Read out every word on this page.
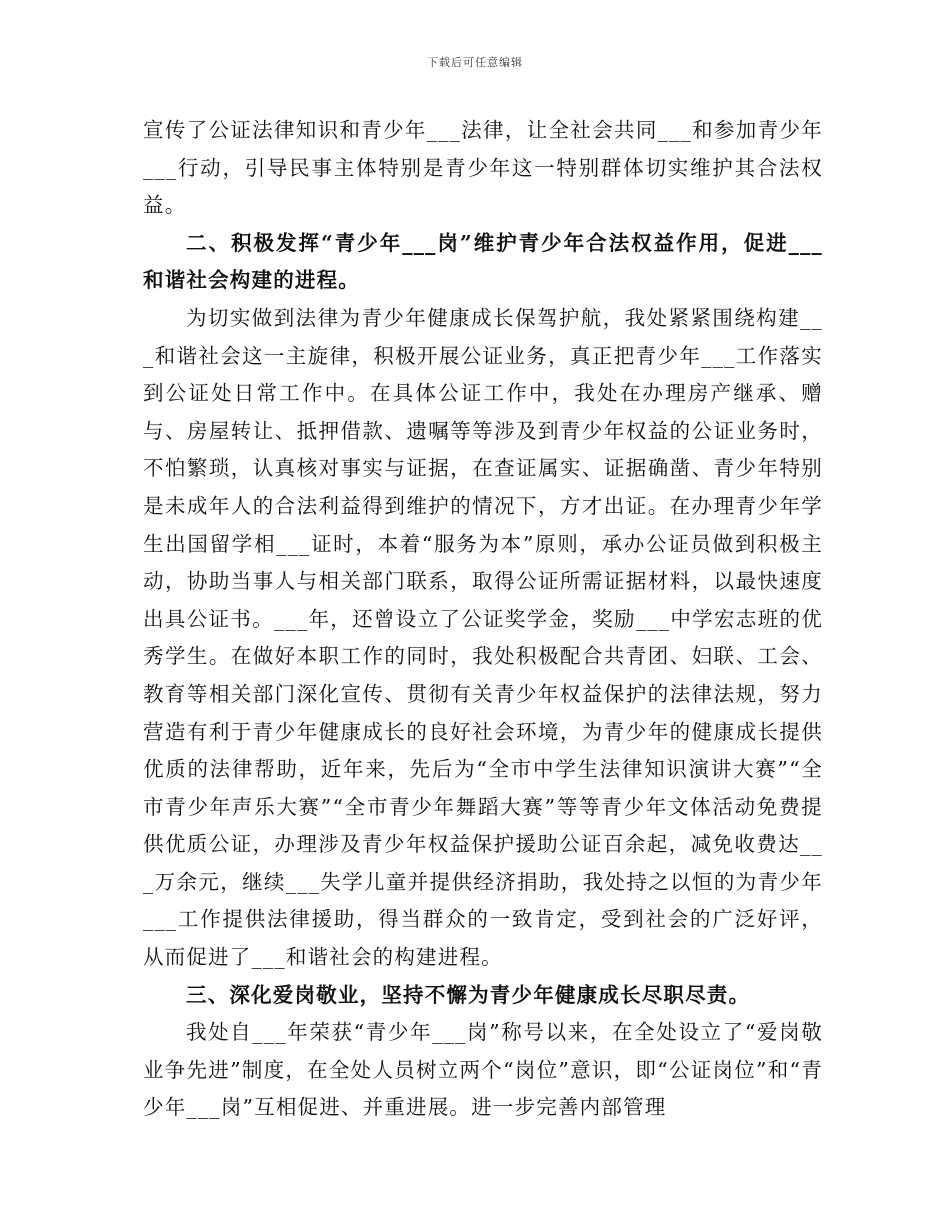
下载后可任意编辑

宣传了公证法律知识和青少年___法律，让全社会共同___和参加青少年___行动，引导民事主体特别是青少年这一特别群体切实维护其合法权益。

二、积极发挥“青少年___岗”维护青少年合法权益作用，促进___和谐社会构建的进程。

为切实做到法律为青少年健康成长保驾护航，我处紧紧围绕构建___和谐社会这一主旋律，积极开展公证业务，真正把青少年___工作落实到公证处日常工作中。在具体公证工作中，我处在办理房产继承、赠与、房屋转让、抵押借款、遗嘱等等涉及到青少年权益的公证业务时，不怕繁琐，认真核对事实与证据，在查证属实、证据确凿、青少年特别是未成年人的合法利益得到维护的情况下，方才出证。在办理青少年学生出国留学相___证时，本着“服务为本”原则，承办公证员做到积极主动，协助当事人与相关部门联系，取得公证所需证据材料，以最快速度出具公证书。___年，还曾设立了公证奖学金，奖励___中学宏志班的优秀学生。在做好本职工作的同时，我处积极配合共青团、妇联、工会、教育等相关部门深化宣传、贯彻有关青少年权益保护的法律法规，努力营造有利于青少年健康成长的良好社会环境，为青少年的健康成长提供优质的法律帮助，近年来，先后为“全市中学生法律知识演讲大赛”“全市青少年声乐大赛”“全市青少年舞蹈大赛”等等青少年文体活动免费提供优质公证，办理涉及青少年权益保护援助公证百余起，减免收费达___万余元，继续___失学儿童并提供经济捐助，我处持之以恒的为青少年___工作提供法律援助，得当群众的一致肯定，受到社会的广泛好评，从而促进了___和谐社会的构建进程。

三、深化爱岗敬业，坚持不懈为青少年健康成长尽职尽责。

我处自___年荣获“青少年___岗”称号以来，在全处设立了“爱岗敬业争先进”制度，在全处人员树立两个“岗位”意识，即“公证岗位”和“青少年___岗”互相促进、并重进展。进一步完善内部管理
